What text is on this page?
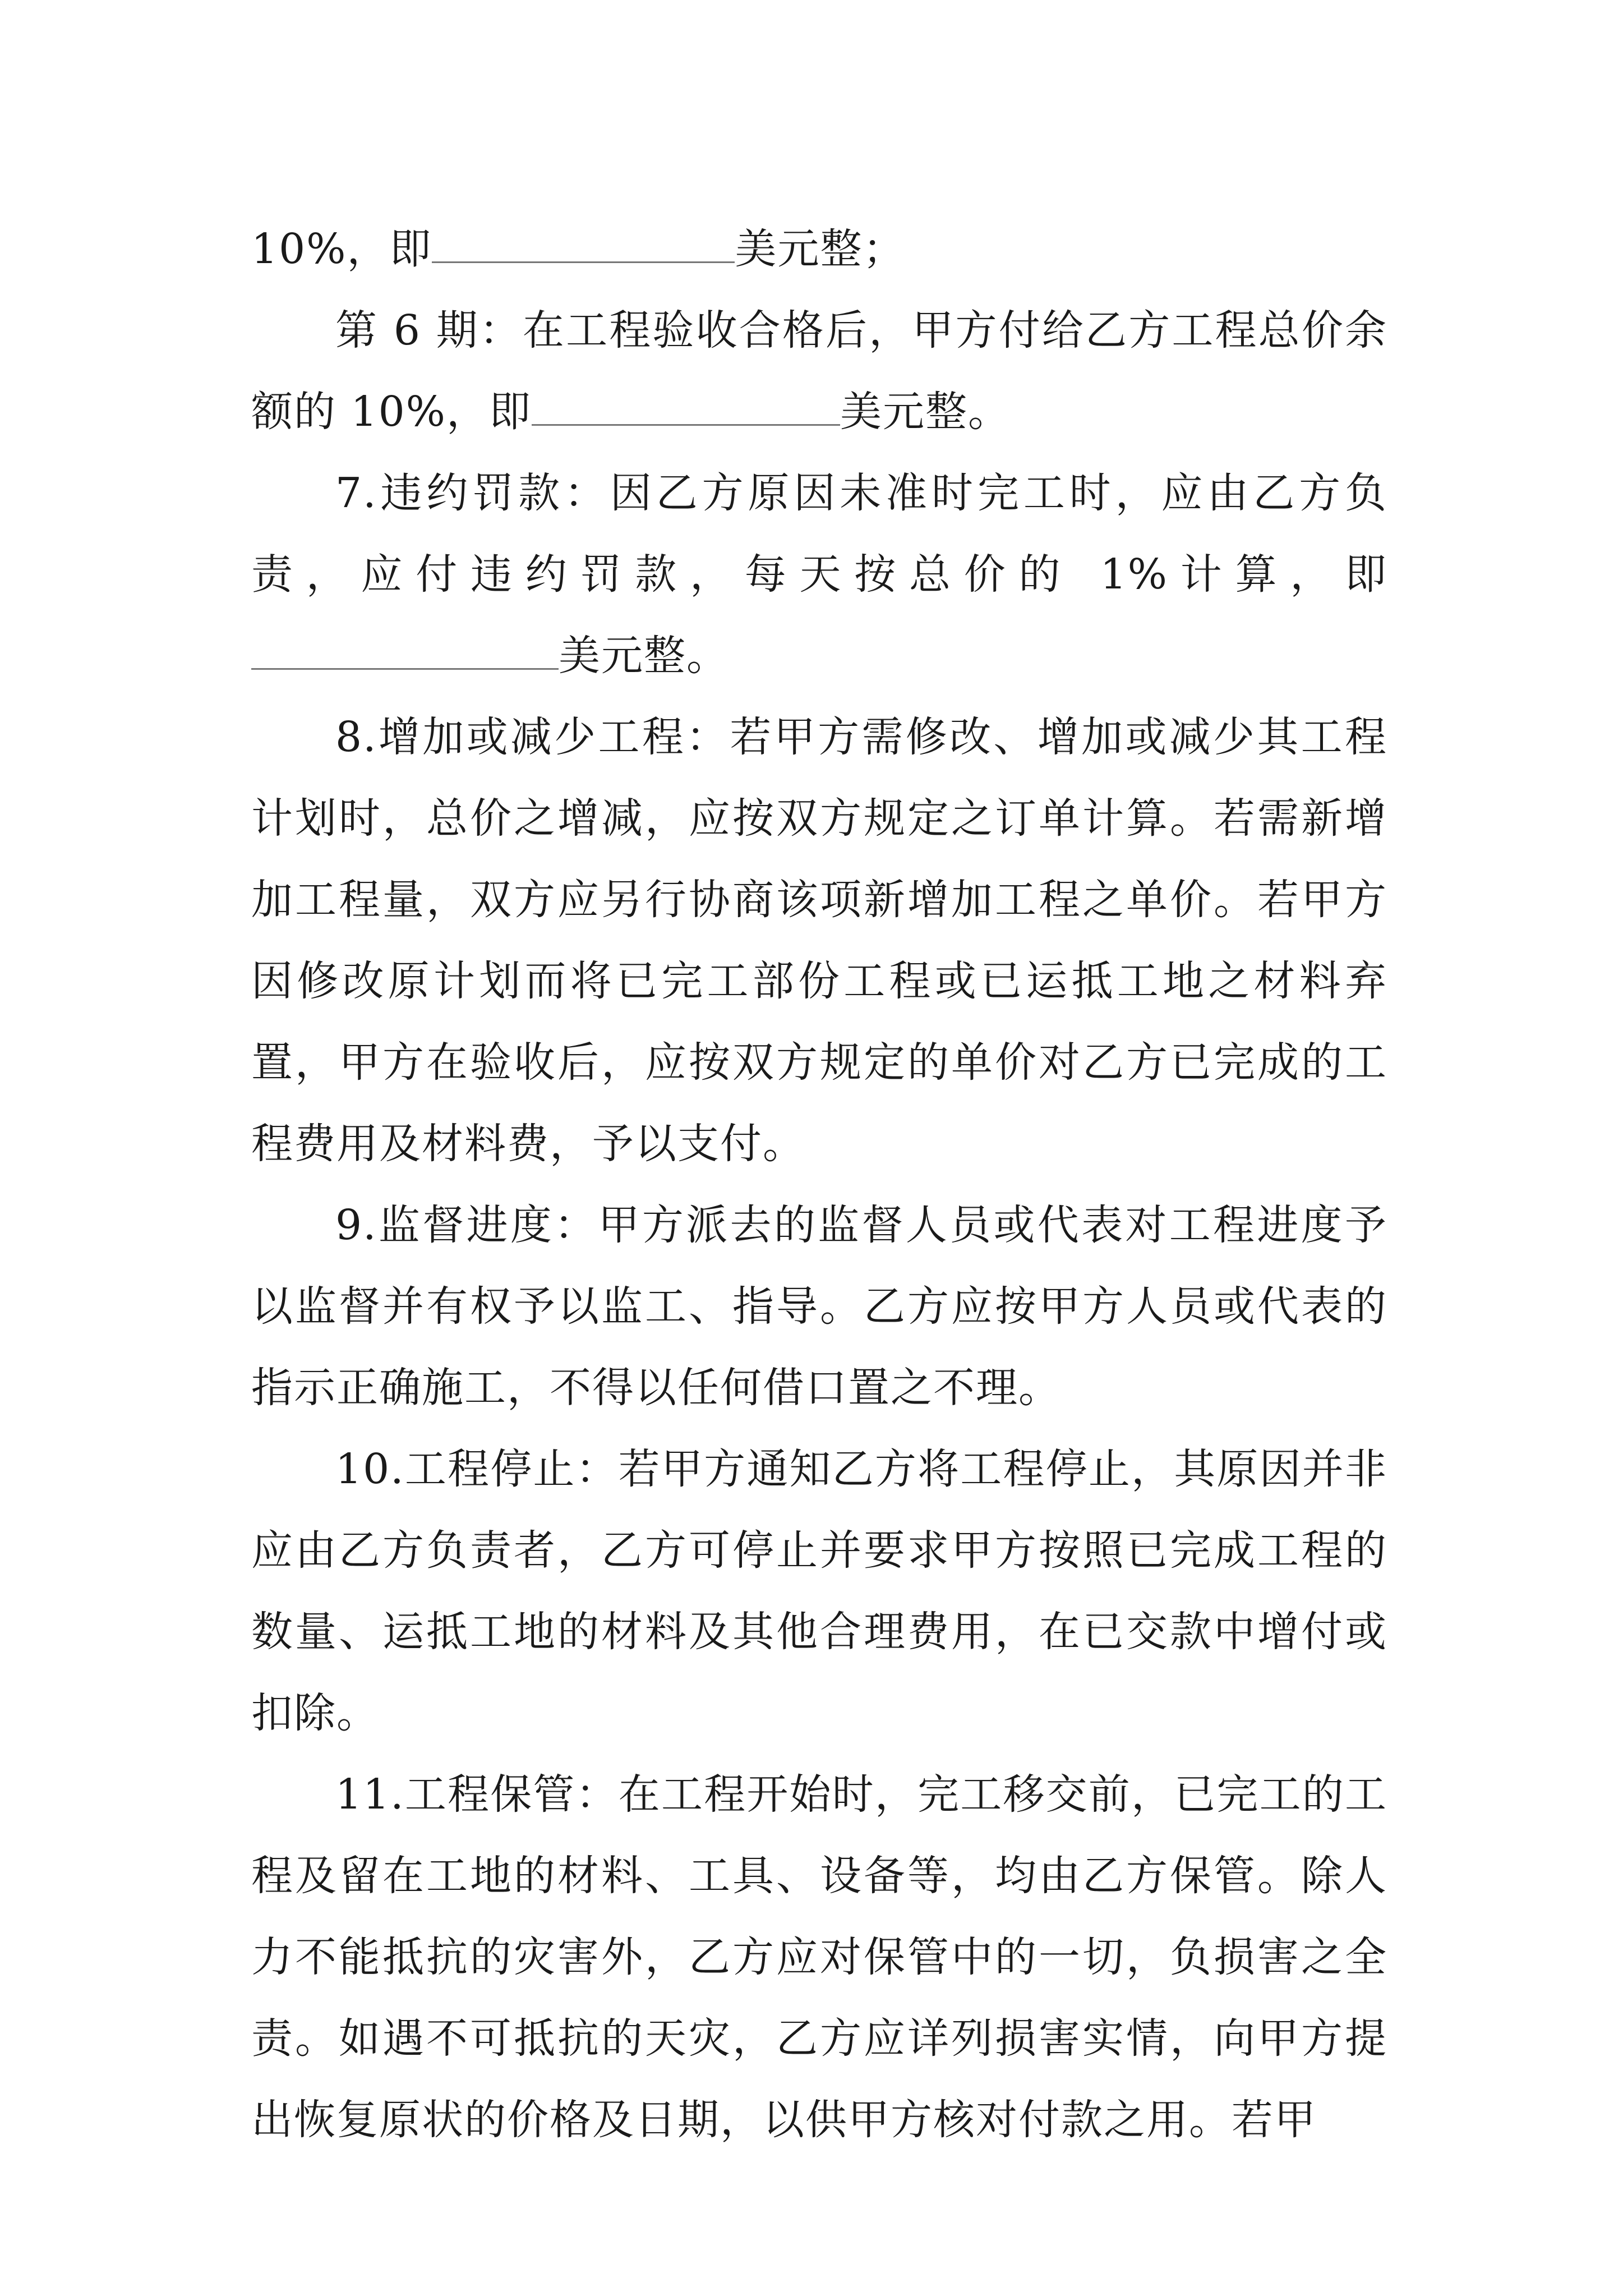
10%，即	美元整；

第 6 期：在工程验收合格后，甲方付给乙方工程总价余额的 10%，即	美元整。

7.违约罚款：因乙方原因未准时完工时，应由乙方负责，应付违约罚款，每天按总价的 1%计算，即美元整。

8.增加或减少工程：若甲方需修改、增加或减少其工程计划时，总价之增减，应按双方规定之订单计算。若需新增加工程量，双方应另行协商该项新增加工程之单价。若甲方因修改原计划而将已完工部份工程或已运抵工地之材料弃置，甲方在验收后，应按双方规定的单价对乙方已完成的工程费用及材料费，予以支付。

9.监督进度：甲方派去的监督人员或代表对工程进度予以监督并有权予以监工、指导。乙方应按甲方人员或代表的指示正确施工，不得以任何借口置之不理。

10.工程停止：若甲方通知乙方将工程停止，其原因并非应由乙方负责者，乙方可停止并要求甲方按照已完成工程的数量、运抵工地的材料及其他合理费用，在已交款中增付或扣除。

11.工程保管：在工程开始时，完工移交前，已完工的工程及留在工地的材料、工具、设备等，均由乙方保管。除人力不能抵抗的灾害外，乙方应对保管中的一切，负损害之全责。如遇不可抵抗的天灾，乙方应详列损害实情，向甲方提出恢复原状的价格及日期，以供甲方核对付款之用。若甲
